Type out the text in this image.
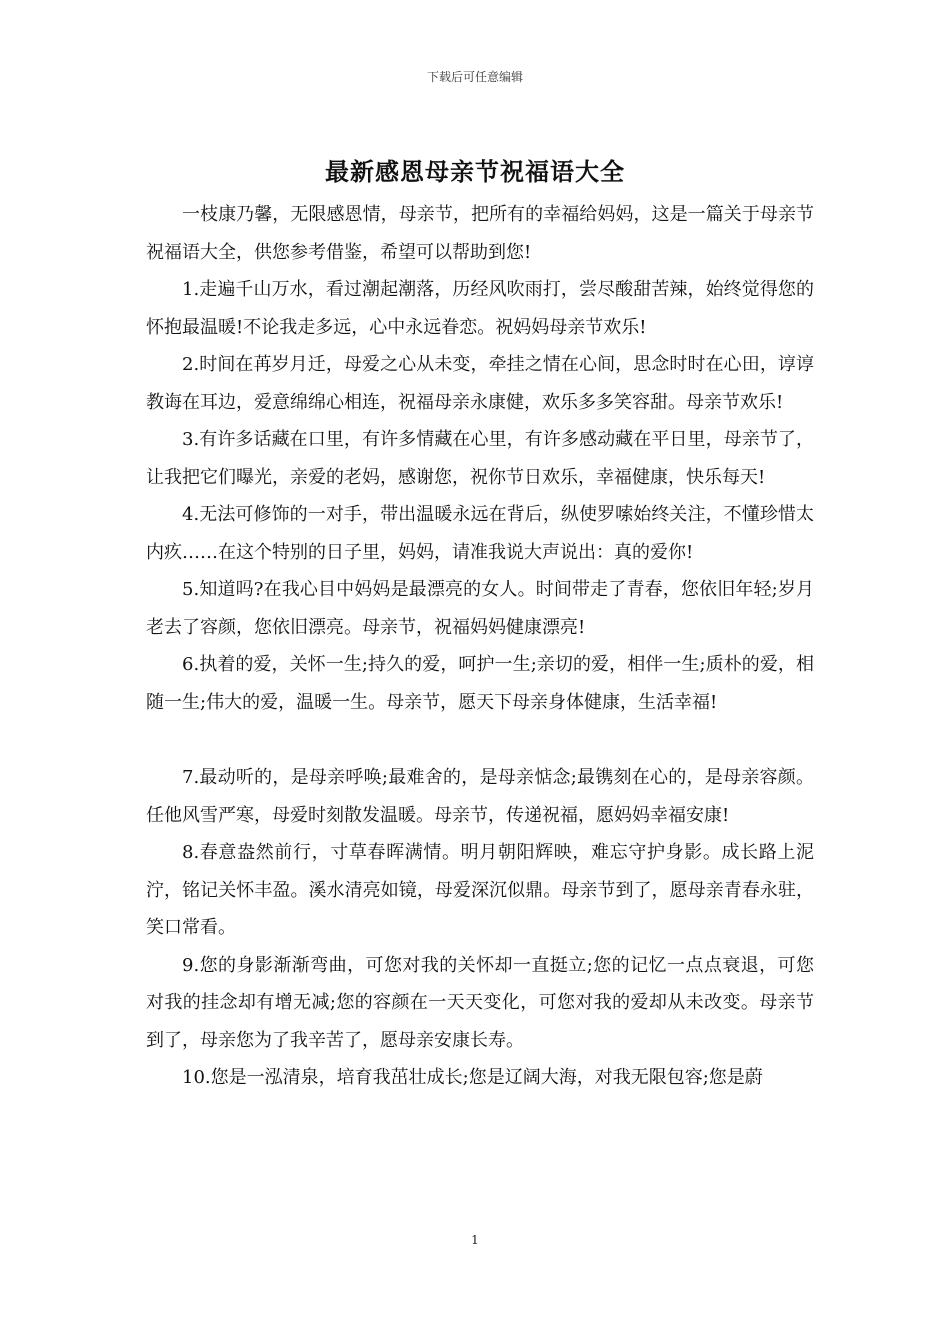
下载后可任意编辑
最新感恩母亲节祝福语大全

一枝康乃馨，无限感恩情，母亲节，把所有的幸福给妈妈，这是一篇关于母亲节祝福语大全，供您参考借鉴，希望可以帮助到您!

1.走遍千山万水，看过潮起潮落，历经风吹雨打，尝尽酸甜苦辣，始终觉得您的怀抱最温暖!不论我走多远，心中永远眷恋。祝妈妈母亲节欢乐!

2.时间在苒岁月迁，母爱之心从未变，牵挂之情在心间，思念时时在心田，谆谆教诲在耳边，爱意绵绵心相连，祝福母亲永康健，欢乐多多笑容甜。母亲节欢乐!

3.有许多话藏在口里，有许多情藏在心里，有许多感动藏在平日里，母亲节了，让我把它们曝光，亲爱的老妈，感谢您，祝你节日欢乐，幸福健康，快乐每天!

4.无法可修饰的一对手，带出温暖永远在背后，纵使罗嗦始终关注，不懂珍惜太内疚……在这个特别的日子里，妈妈，请准我说大声说出：真的爱你!

5.知道吗?在我心目中妈妈是最漂亮的女人。时间带走了青春，您依旧年轻;岁月老去了容颜，您依旧漂亮。母亲节，祝福妈妈健康漂亮!

6.执着的爱，关怀一生;持久的爱，呵护一生;亲切的爱，相伴一生;质朴的爱，相随一生;伟大的爱，温暖一生。母亲节，愿天下母亲身体健康，生活幸福!

7.最动听的，是母亲呼唤;最难舍的，是母亲惦念;最镌刻在心的，是母亲容颜。任他风雪严寒，母爱时刻散发温暖。母亲节，传递祝福，愿妈妈幸福安康!

8.春意盎然前行，寸草春晖满情。明月朝阳辉映，难忘守护身影。成长路上泥泞，铭记关怀丰盈。溪水清亮如镜，母爱深沉似鼎。母亲节到了，愿母亲青春永驻，笑口常看。

9.您的身影渐渐弯曲，可您对我的关怀却一直挺立;您的记忆一点点衰退，可您对我的挂念却有增无减;您的容颜在一天天变化，可您对我的爱却从未改变。母亲节到了，母亲您为了我辛苦了，愿母亲安康长寿。

10.您是一泓清泉，培育我茁壮成长;您是辽阔大海，对我无限包容;您是蔚

1
